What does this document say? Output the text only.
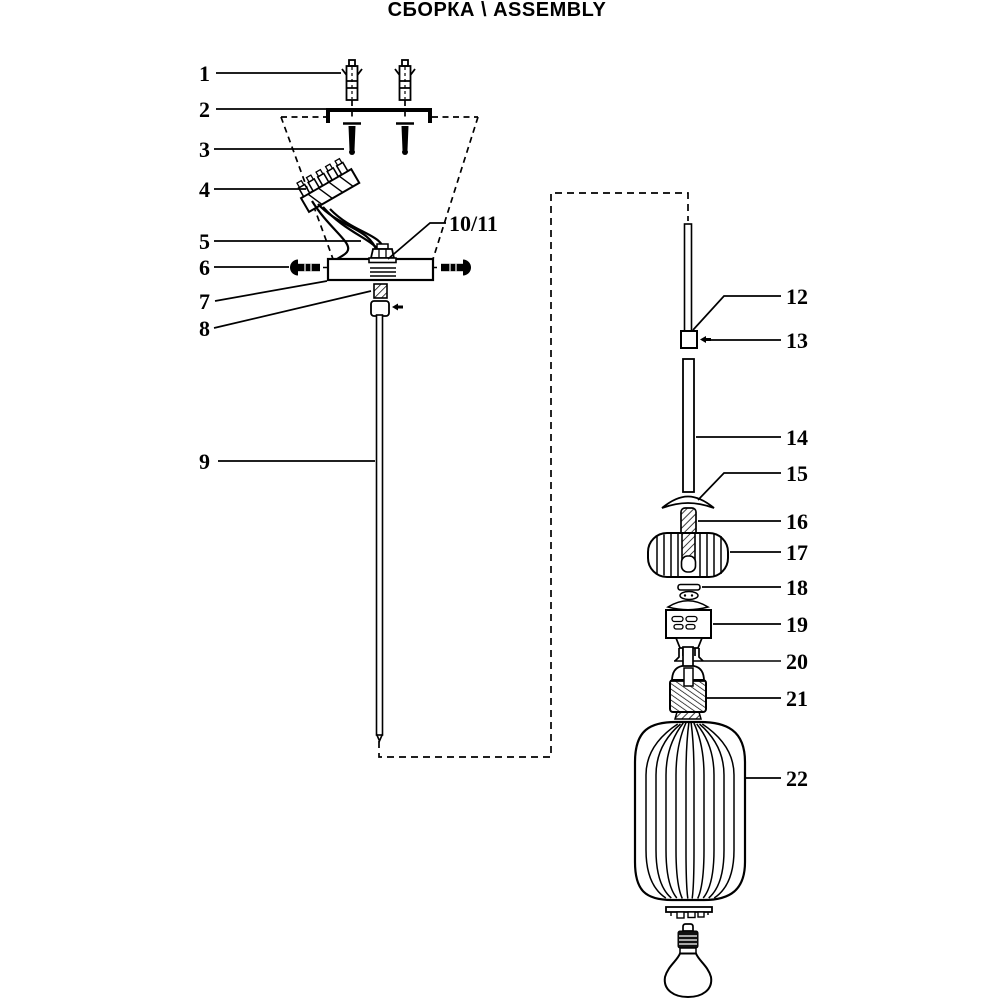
СБОРКА \ ASSEMBLY
1
2
3
4
5
6
7
8
9
10/11
12
13
14
15
16
17
18
19
20
21
22
